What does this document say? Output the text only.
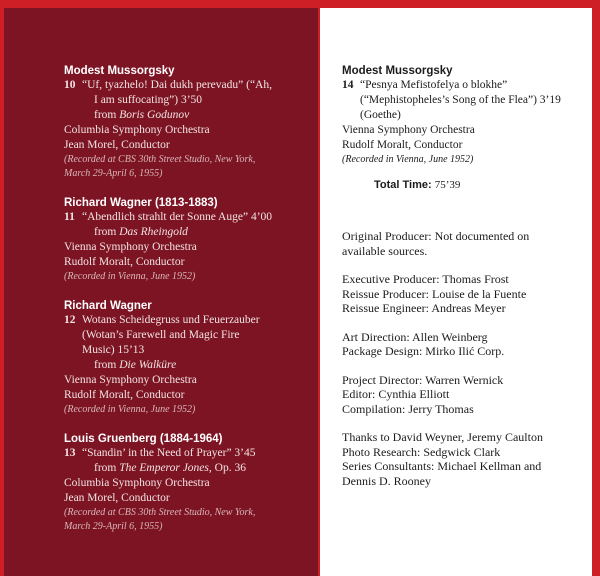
Modest Mussorgsky

10 “Uf, tyazhelo! Dai dukh perevadu” (“Ah,

I am suffocating”) 3’50

from Boris Godunov

Columbia Symphony Orchestra

Jean Morel, Conductor

(Recorded at CBS 30th Street Studio, New York,

March 29-April 6, 1955)

Richard Wagner (1813-1883)

11 “Abendlich strahlt der Sonne Auge” 4’00

from Das Rheingold

Vienna Symphony Orchestra

Rudolf Moralt, Conductor

(Recorded in Vienna, June 1952)

Richard Wagner

12 Wotans Scheidegruss und Feuerzauber

(Wotan’s Farewell and Magic Fire

Music) 15’13

from Die Walküre

Vienna Symphony Orchestra

Rudolf Moralt, Conductor

(Recorded in Vienna, June 1952)

Louis Gruenberg (1884-1964)

13 “Standin’ in the Need of Prayer” 3’45

from The Emperor Jones, Op. 36

Columbia Symphony Orchestra

Jean Morel, Conductor

(Recorded at CBS 30th Street Studio, New York,

March 29-April 6, 1955)

Modest Mussorgsky

14 “Pesnya Mefistofelya o blokhe”

(“Mephistopheles’s Song of the Flea”) 3’19

(Goethe)

Vienna Symphony Orchestra

Rudolf Moralt, Conductor

(Recorded in Vienna, June 1952)

Total Time: 75’39

Original Producer: Not documented on

available sources.

Executive Producer: Thomas Frost

Reissue Producer: Louise de la Fuente

Reissue Engineer: Andreas Meyer

Art Direction: Allen Weinberg

Package Design: Mirko Ilić Corp.

Project Director: Warren Wernick

Editor: Cynthia Elliott

Compilation: Jerry Thomas

Thanks to David Weyner, Jeremy Caulton

Photo Research: Sedgwick Clark

Series Consultants: Michael Kellman and

Dennis D. Rooney
